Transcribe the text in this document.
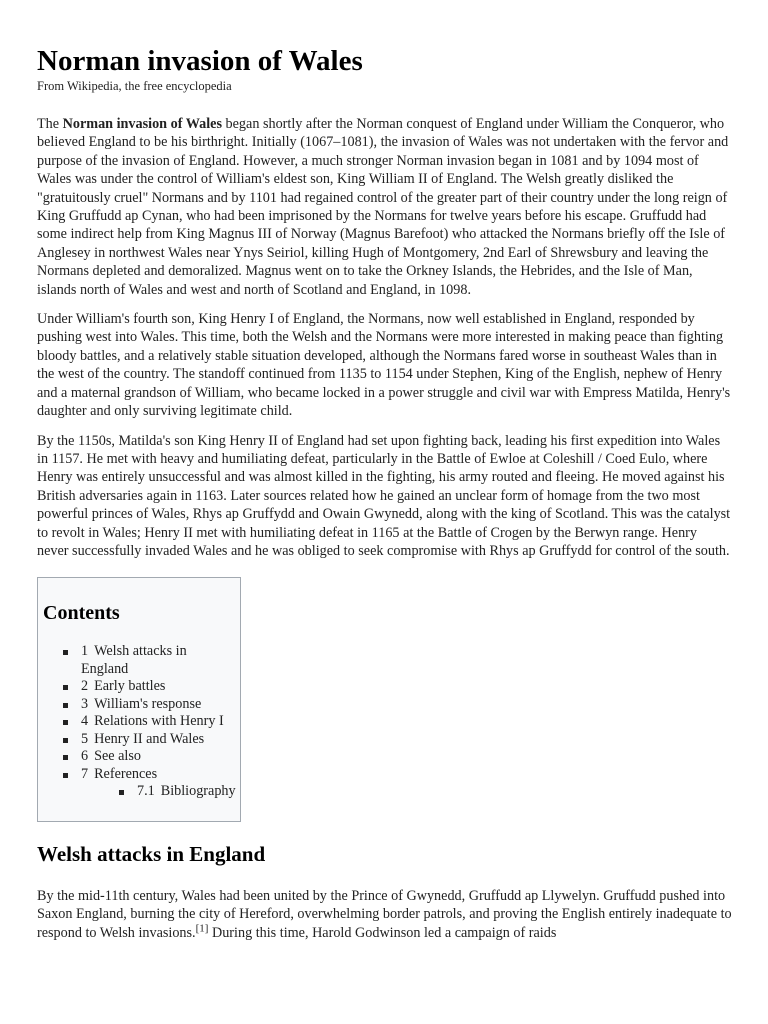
Norman invasion of Wales
From Wikipedia, the free encyclopedia

The Norman invasion of Wales began shortly after the Norman conquest of England under William the Conqueror, who believed England to be his birthright. Initially (1067–1081), the invasion of Wales was not undertaken with the fervor and purpose of the invasion of England. However, a much stronger Norman invasion began in 1081 and by 1094 most of Wales was under the control of William's eldest son, King William II of England. The Welsh greatly disliked the "gratuitously cruel" Normans and by 1101 had regained control of the greater part of their country under the long reign of King Gruffudd ap Cynan, who had been imprisoned by the Normans for twelve years before his escape. Gruffudd had some indirect help from King Magnus III of Norway (Magnus Barefoot) who attacked the Normans briefly off the Isle of Anglesey in northwest Wales near Ynys Seiriol, killing Hugh of Montgomery, 2nd Earl of Shrewsbury and leaving the Normans depleted and demoralized. Magnus went on to take the Orkney Islands, the Hebrides, and the Isle of Man, islands north of Wales and west and north of Scotland and England, in 1098.

Under William's fourth son, King Henry I of England, the Normans, now well established in England, responded by pushing west into Wales. This time, both the Welsh and the Normans were more interested in making peace than fighting bloody battles, and a relatively stable situation developed, although the Normans fared worse in southeast Wales than in the west of the country. The standoff continued from 1135 to 1154 under Stephen, King of the English, nephew of Henry and a maternal grandson of William, who became locked in a power struggle and civil war with Empress Matilda, Henry's daughter and only surviving legitimate child.

By the 1150s, Matilda's son King Henry II of England had set upon fighting back, leading his first expedition into Wales in 1157. He met with heavy and humiliating defeat, particularly in the Battle of Ewloe at Coleshill / Coed Eulo, where Henry was entirely unsuccessful and was almost killed in the fighting, his army routed and fleeing. He moved against his British adversaries again in 1163. Later sources related how he gained an unclear form of homage from the two most powerful princes of Wales, Rhys ap Gruffydd and Owain Gwynedd, along with the king of Scotland. This was the catalyst to revolt in Wales; Henry II met with humiliating defeat in 1165 at the Battle of Crogen by the Berwyn range. Henry never successfully invaded Wales and he was obliged to seek compromise with Rhys ap Gruffydd for control of the south.

Contents
1 Welsh attacks in England
2 Early battles
3 William's response
4 Relations with Henry I
5 Henry II and Wales
6 See also
7 References
7.1 Bibliography
Welsh attacks in England

By the mid-11th century, Wales had been united by the Prince of Gwynedd, Gruffudd ap Llywelyn. Gruffudd pushed into Saxon England, burning the city of Hereford, overwhelming border patrols, and proving the English entirely inadequate to respond to Welsh invasions.[1] During this time, Harold Godwinson led a campaign of raids
